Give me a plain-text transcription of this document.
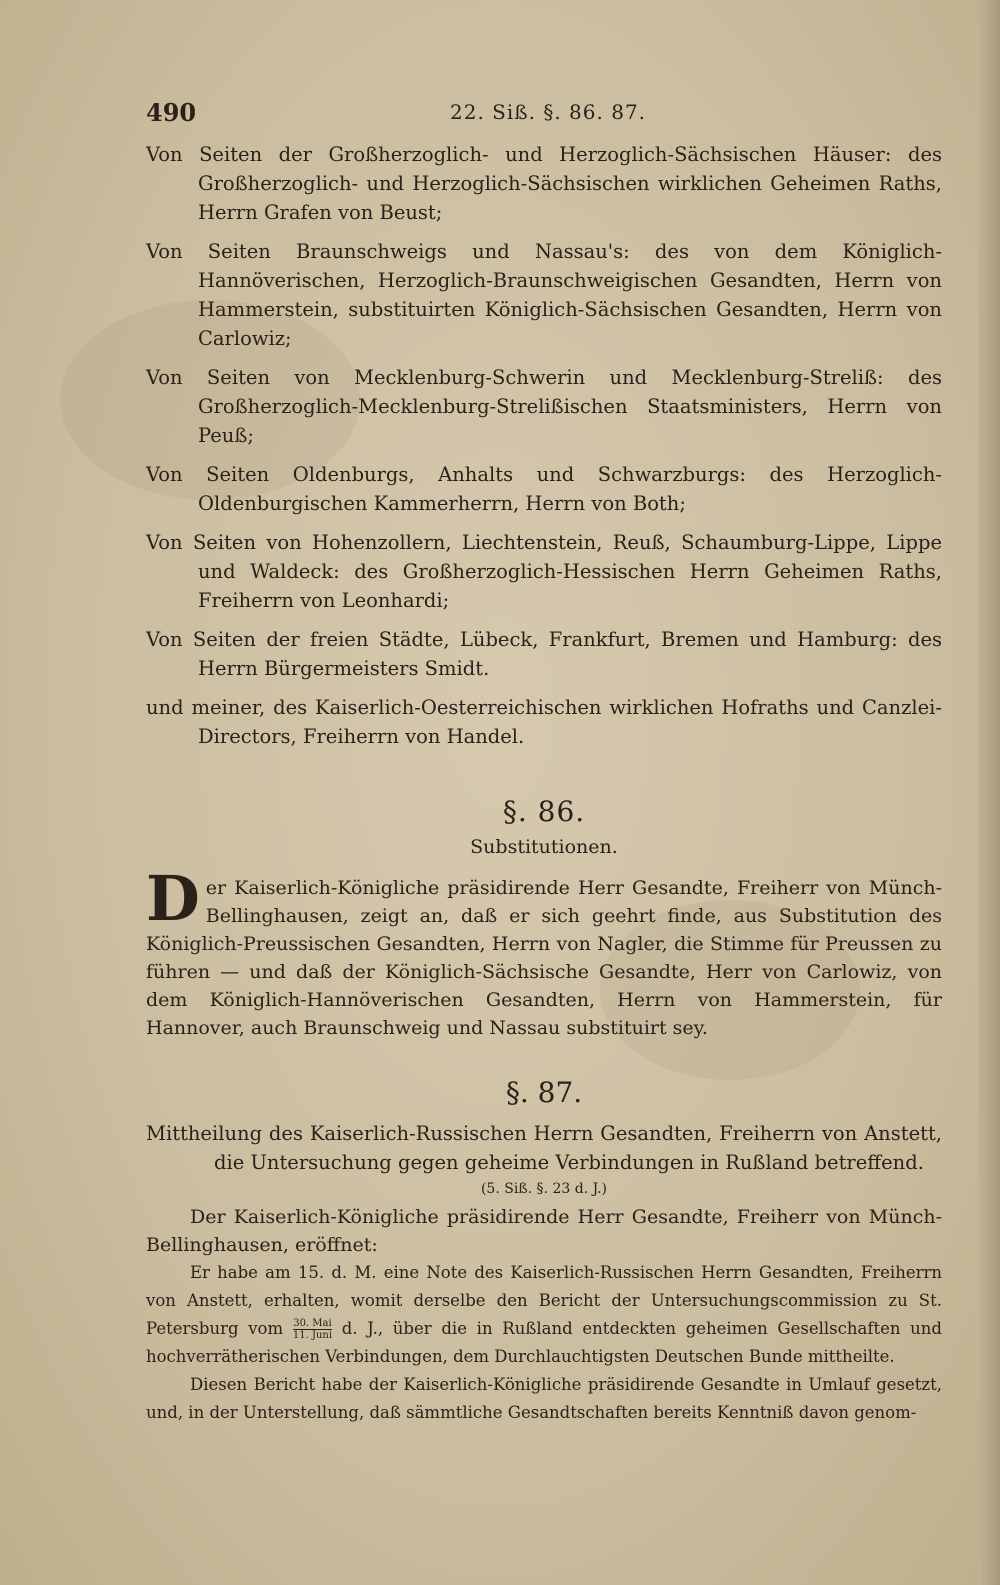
490	22. Siß. §. 86. 87.
Von Seiten der Großherzoglich- und Herzoglich-Sächsischen Häuser: des Großherzoglich- und Herzoglich-Sächsischen wirklichen Geheimen Raths, Herrn Grafen von Beust;
Von Seiten Braunschweigs und Nassau's: des von dem Königlich-Hannöverischen, Herzoglich-Braunschweigischen Gesandten, Herrn von Hammerstein, substituirten Königlich-Sächsischen Gesandten, Herrn von Carlowiz;
Von Seiten von Mecklenburg-Schwerin und Mecklenburg-Streliß: des Großherzoglich-Mecklenburg-Strelißischen Staatsministers, Herrn von Peuß;
Von Seiten Oldenburgs, Anhalts und Schwarzburgs: des Herzoglich-Oldenburgischen Kammerherrn, Herrn von Both;
Von Seiten von Hohenzollern, Liechtenstein, Reuß, Schaumburg-Lippe, Lippe und Waldeck: des Großherzoglich-Hessischen Herrn Geheimen Raths, Freiherrn von Leonhardi;
Von Seiten der freien Städte, Lübeck, Frankfurt, Bremen und Hamburg: des Herrn Bürgermeisters Smidt.
und meiner, des Kaiserlich-Oesterreichischen wirklichen Hofraths und Canzlei-Directors, Freiherrn von Handel.
§. 86.
Substitutionen.
Der Kaiserlich-Königliche präsidirende Herr Gesandte, Freiherr von Münch-Bellinghausen, zeigt an, daß er sich geehrt finde, aus Substitution des Königlich-Preussischen Gesandten, Herrn von Nagler, die Stimme für Preussen zu führen — und daß der Königlich-Sächsische Gesandte, Herr von Carlowiz, von dem Königlich-Hannöverischen Gesandten, Herrn von Hammerstein, für Hannover, auch Braunschweig und Nassau substituirt sey.
§. 87.
Mittheilung des Kaiserlich-Russischen Herrn Gesandten, Freiherrn von Anstett, die Untersuchung gegen geheime Verbindungen in Rußland betreffend.
(5. Siß. §. 23 d. J.)
Der Kaiserlich-Königliche präsidirende Herr Gesandte, Freiherr von Münch-Bellinghausen, eröffnet:
Er habe am 15. d. M. eine Note des Kaiserlich-Russischen Herrn Gesandten, Freiherrn von Anstett, erhalten, womit derselbe den Bericht der Untersuchungscommission zu St. Petersburg vom 30. Mai
11. Juni d. J., über die in Rußland entdeckten geheimen Gesellschaften und hochverrätherischen Verbindungen, dem Durchlauchtigsten Deutschen Bunde mittheilte.
Diesen Bericht habe der Kaiserlich-Königliche präsidirende Gesandte in Umlauf gesetzt, und, in der Unterstellung, daß sämmtliche Gesandtschaften bereits Kenntniß davon genom-
